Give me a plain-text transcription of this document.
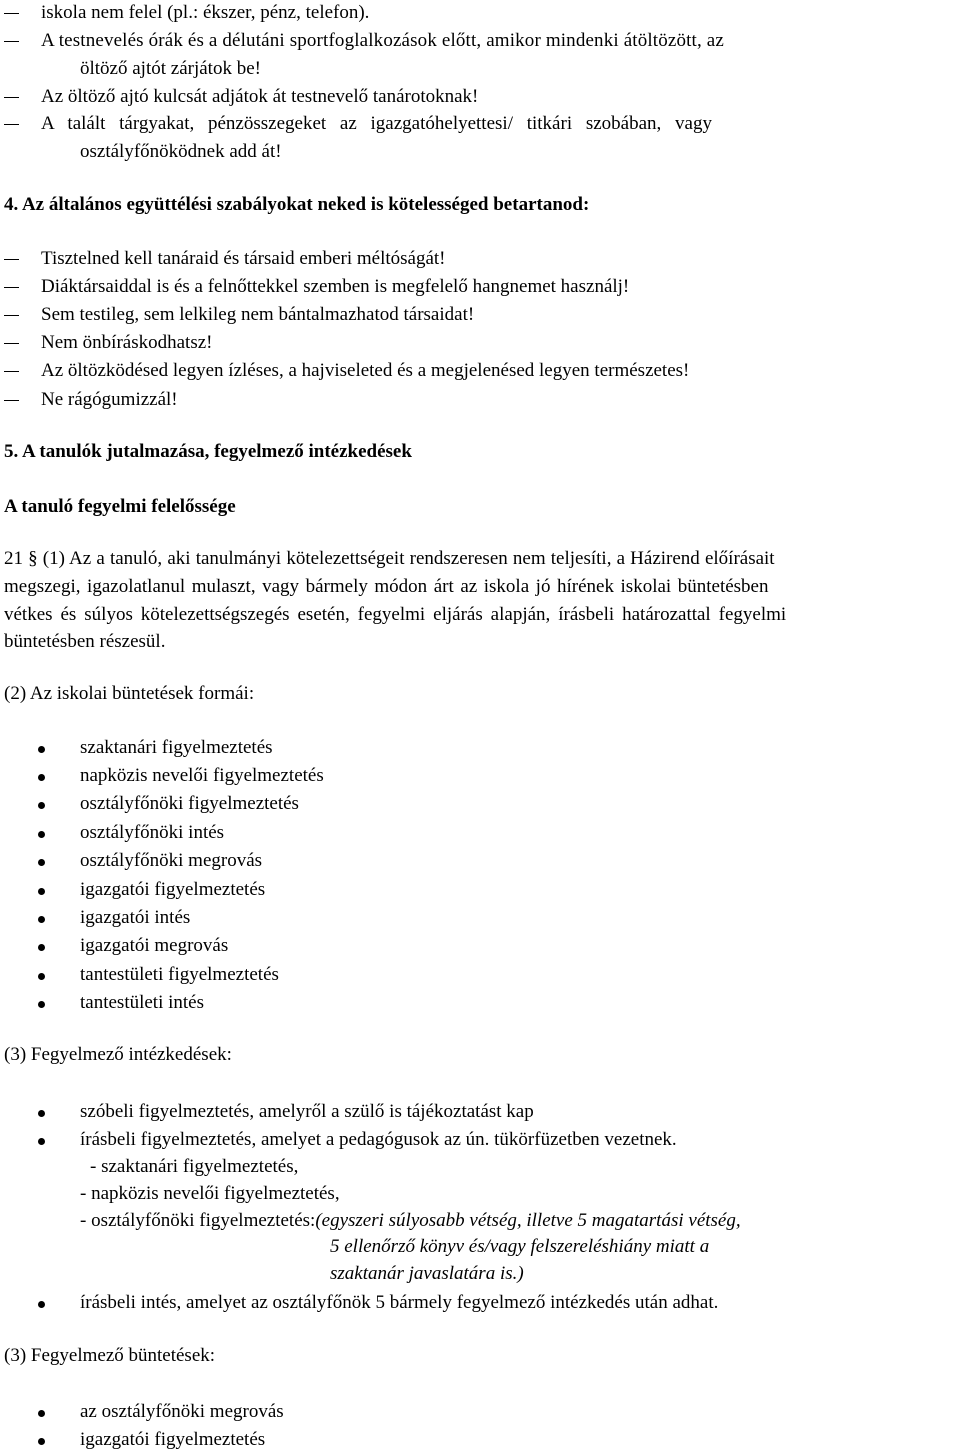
iskola nem felel (pl.: ékszer, pénz, telefon).
A testnevelés órák és a délutáni sportfoglalkozások előtt, amikor mindenki átöltözött, az
öltöző ajtót zárjátok be!
Az öltöző ajtó kulcsát adjátok át testnevelő tanárotoknak!
A talált tárgyakat, pénzösszegeket az igazgatóhelyettesi/ titkári szobában, vagy
osztályfőnöködnek add át!
4. Az általános együttélési szabályokat neked is kötelességed betartanod:
Tisztelned kell tanáraid és társaid emberi méltóságát!
Diáktársaiddal is és a felnőttekkel szemben is megfelelő hangnemet használj!
Sem testileg, sem lelkileg nem bántalmazhatod társaidat!
Nem önbíráskodhatsz!
Az öltözködésed legyen ízléses, a hajviseleted és a megjelenésed legyen természetes!
Ne rágógumizzál!
5. A tanulók jutalmazása, fegyelmező intézkedések
A tanuló fegyelmi felelőssége
21 § (1) Az a tanuló, aki tanulmányi kötelezettségeit rendszeresen nem teljesíti, a Házirend előírásait
megszegi, igazolatlanul mulaszt, vagy bármely módon árt az iskola jó hírének iskolai büntetésben
vétkes és súlyos kötelezettségszegés esetén, fegyelmi eljárás alapján, írásbeli határozattal fegyelmi
büntetésben részesül.
(2) Az iskolai büntetések formái:
szaktanári figyelmeztetés
napközis nevelői figyelmeztetés
osztályfőnöki figyelmeztetés
osztályfőnöki intés
osztályfőnöki megrovás
igazgatói figyelmeztetés
igazgatói intés
igazgatói megrovás
tantestületi figyelmeztetés
tantestületi intés
(3) Fegyelmező intézkedések:
szóbeli figyelmeztetés, amelyről a szülő is tájékoztatást kap
írásbeli figyelmeztetés, amelyet a pedagógusok az ún. tükörfüzetben vezetnek.
- szaktanári figyelmeztetés,
- napközis nevelői figyelmeztetés,
- osztályfőnöki figyelmeztetés:(egyszeri súlyosabb vétség, illetve 5 magatartási vétség,
5 ellenőrző könyv és/vagy felszereléshiány miatt a
szaktanár javaslatára is.)
írásbeli intés, amelyet az osztályfőnök 5 bármely fegyelmező intézkedés után adhat.
(3) Fegyelmező büntetések:
az osztályfőnöki megrovás
igazgatói figyelmeztetés
